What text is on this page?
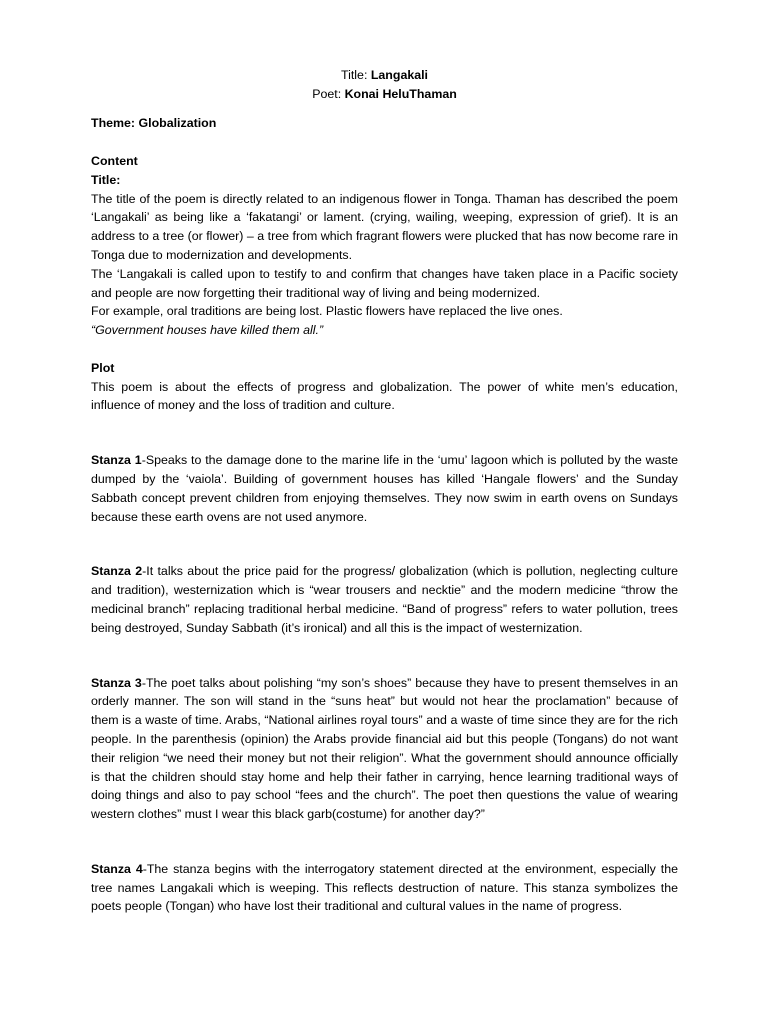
Title: Langakali

Poet: Konai HeluThaman

Theme: Globalization

Content

Title:

The title of the poem is directly related to an indigenous flower in Tonga. Thaman has described the poem ‘Langakali’ as being like a ‘fakatangi’ or lament. (crying, wailing, weeping, expression of grief). It is an address to a tree (or flower) – a tree from which fragrant flowers were plucked that has now become rare in Tonga due to modernization and developments.

The ‘Langakali is called upon to testify to and confirm that changes have taken place in a Pacific society and people are now forgetting their traditional way of living and being modernized.

For example, oral traditions are being lost. Plastic flowers have replaced the live ones.

“Government houses have killed them all.”

Plot

This poem is about the effects of progress and globalization. The power of white men’s education, influence of money and the loss of tradition and culture.

Stanza 1-Speaks to the damage done to the marine life in the ‘umu’ lagoon which is polluted by the waste dumped by the ‘vaiola’. Building of government houses has killed ‘Hangale flowers’ and the Sunday Sabbath concept prevent children from enjoying themselves. They now swim in earth ovens on Sundays because these earth ovens are not used anymore.

Stanza 2-It talks about the price paid for the progress/ globalization (which is pollution, neglecting culture and tradition), westernization which is “wear trousers and necktie” and the modern medicine “throw the medicinal branch” replacing traditional herbal medicine. “Band of progress” refers to water pollution, trees being destroyed, Sunday Sabbath (it’s ironical) and all this is the impact of westernization.

Stanza 3-The poet talks about polishing “my son’s shoes” because they have to present themselves in an orderly manner. The son will stand in the “suns heat” but would not hear the proclamation” because of them is a waste of time. Arabs, “National airlines royal tours” and a waste of time since they are for the rich people. In the parenthesis (opinion) the Arabs provide financial aid but this people (Tongans) do not want their religion “we need their money but not their religion”. What the government should announce officially is that the children should stay home and help their father in carrying, hence learning traditional ways of doing things and also to pay school “fees and the church”. The poet then questions the value of wearing western clothes” must I wear this black garb(costume) for another day?”

Stanza 4-The stanza begins with the interrogatory statement directed at the environment, especially the tree names Langakali which is weeping. This reflects destruction of nature. This stanza symbolizes the poets people (Tongan) who have lost their traditional and cultural values in the name of progress.
